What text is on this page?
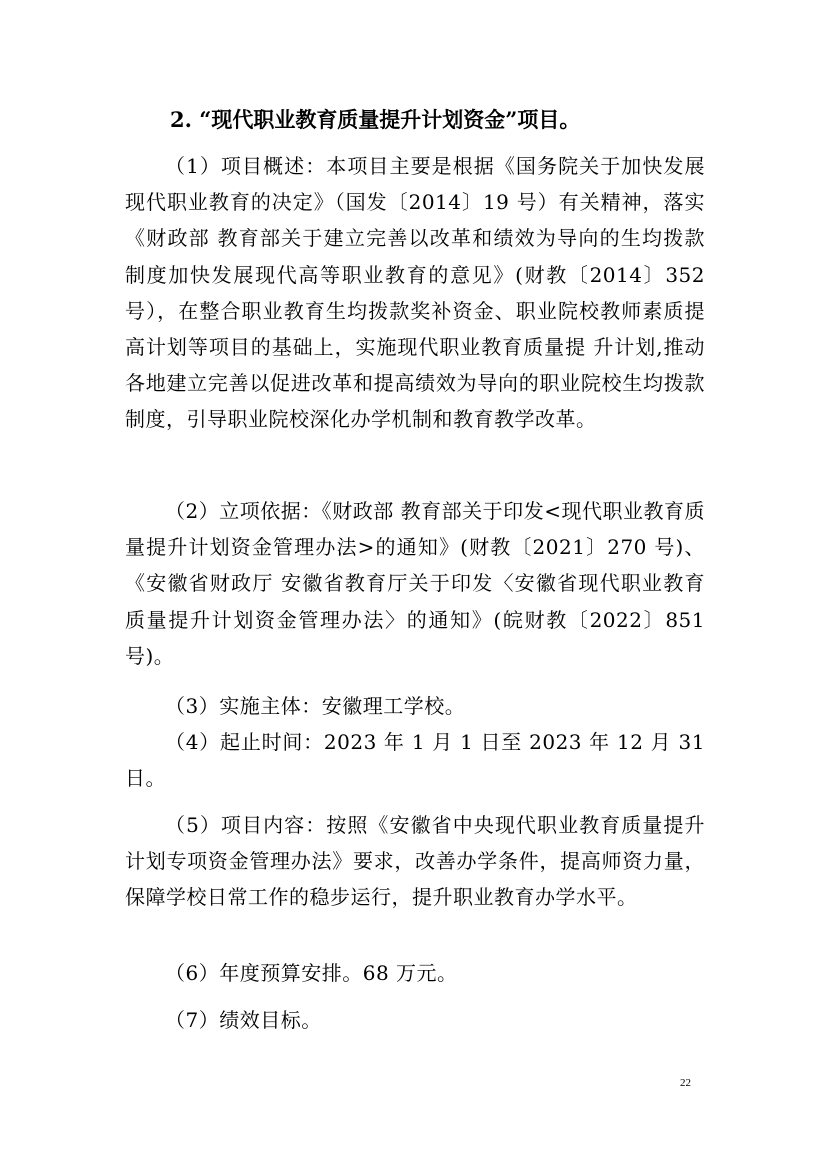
2. “现代职业教育质量提升计划资金”项目。

（1）项目概述：本项目主要是根据《国务院关于加快发展现代职业教育的决定》（国发〔2014〕19 号）有关精神，落实《财政部 教育部关于建立完善以改革和绩效为导向的生均拨款制度加快发展现代高等职业教育的意见》(财教〔2014〕352 号），在整合职业教育生均拨款奖补资金、职业院校教师素质提高计划等项目的基础上，实施现代职业教育质量提 升计划,推动各地建立完善以促进改革和提高绩效为导向的职业院校生均拨款制度，引导职业院校深化办学机制和教育教学改革。

（2）立项依据：《财政部 教育部关于印发<现代职业教育质量提升计划资金管理办法>的通知》(财教〔2021〕270 号)、《安徽省财政厅 安徽省教育厅关于印发〈安徽省现代职业教育质量提升计划资金管理办法〉的通知》(皖财教〔2022〕851 号)。

（3）实施主体：安徽理工学校。

（4）起止时间：2023 年 1 月 1 日至 2023 年 12 月 31 日。

（5）项目内容：按照《安徽省中央现代职业教育质量提升计划专项资金管理办法》要求，改善办学条件，提高师资力量，保障学校日常工作的稳步运行，提升职业教育办学水平。

（6）年度预算安排。68 万元。

（7）绩效目标。

22
